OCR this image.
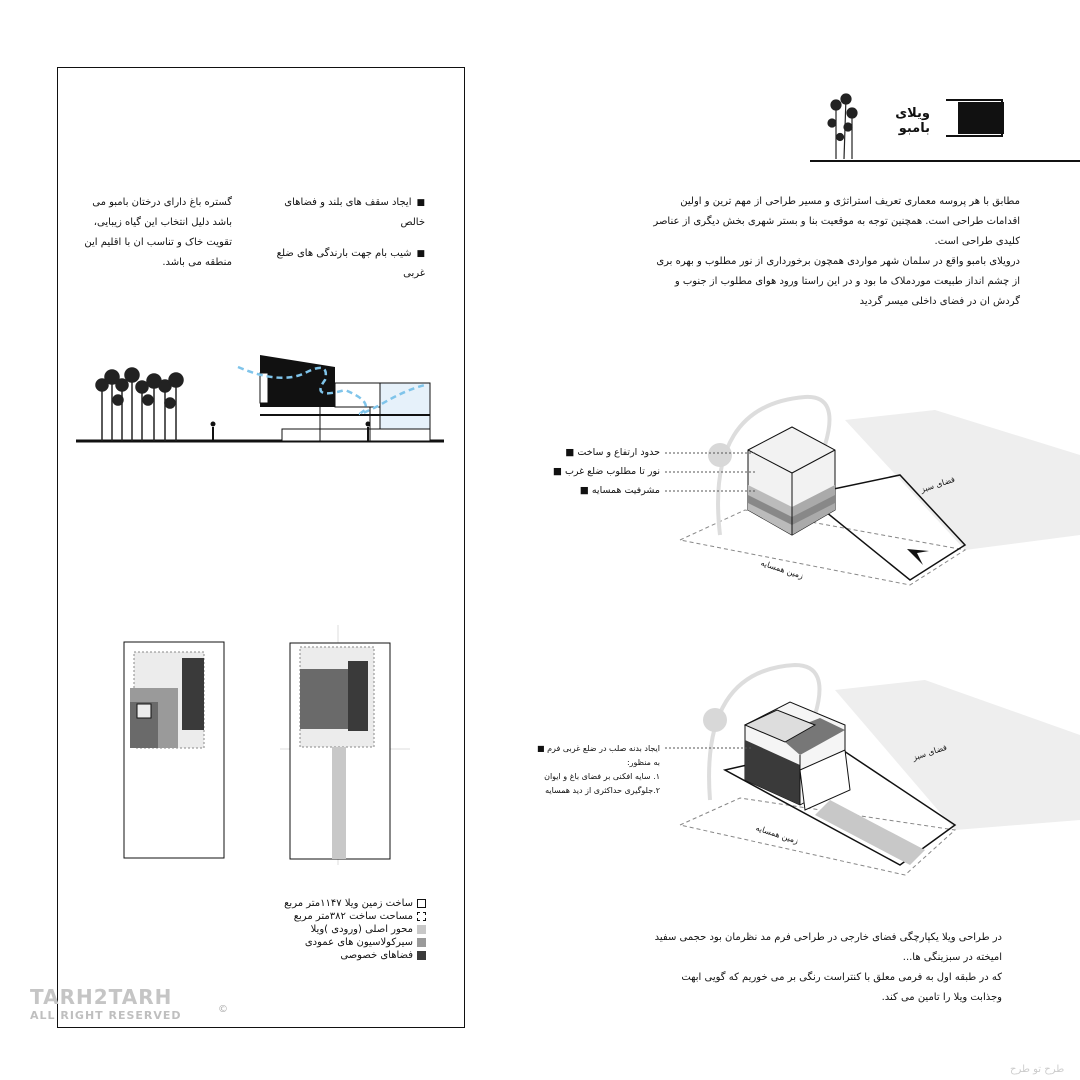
گستره باغ دارای درختان بامبو می باشد دلیل انتخاب این گیاه زیبایی، تقویت خاک و تناسب ان با اقلیم این منطقه می باشد.
■ ایجاد سقف های بلند و فضاهای خالص
■ شیب بام جهت بارندگی های ضلع غربی
ساخت زمین ویلا ۱۱۴۷متر مربع
مساحت ساخت ۳۸۲متر مربع
محور اصلی (ورودی )ویلا
سیرکولاسیون های عمودی
فضاهای خصوصی
TARH2TARH
ALL RIGHT RESERVED	©
طرح تو طرح
ویلای بامبو
مطابق با هر پروسه معماری تعریف استراتژی و مسیر طراحی از مهم ترین و اولین اقدامات طراحی است. همچنین توجه به موقعیت بنا و بستر شهری بخش دیگری از عناصر کلیدی طراحی است.
درویلای بامبو واقع در سلمان شهر مواردی همچون برخورداری از نور مطلوب و بهره بری از چشم انداز طبیعت موردملاک ما بود و در این راستا ورود هوای مطلوب از جنوب و گردش ان در فضای داخلی میسر گردید
حدود ارتفاع و ساخت ■
نور تا مطلوب ضلع غرب ■
مشرفیت همسایه ■	فضای سبز
زمین همسایه
ایجاد بدنه صلب در ضلع غربی فرم ■
به منظور:
۱. سایه افکنی بر فضای باغ و ایوان
۲.جلوگیری حداکثری از دید همسایه
فضای سبز
زمین همسایه
در طراحی ویلا یکپارچگی فضای خارجی در طراحی فرم مد نظرمان بود حجمی سفید امیخته در سبزینگی ها...
که در طبقه اول به فرمی معلق با کنتراست رنگی بر می خوریم که گویی ابهت وجذابت ویلا را تامین می کند.
